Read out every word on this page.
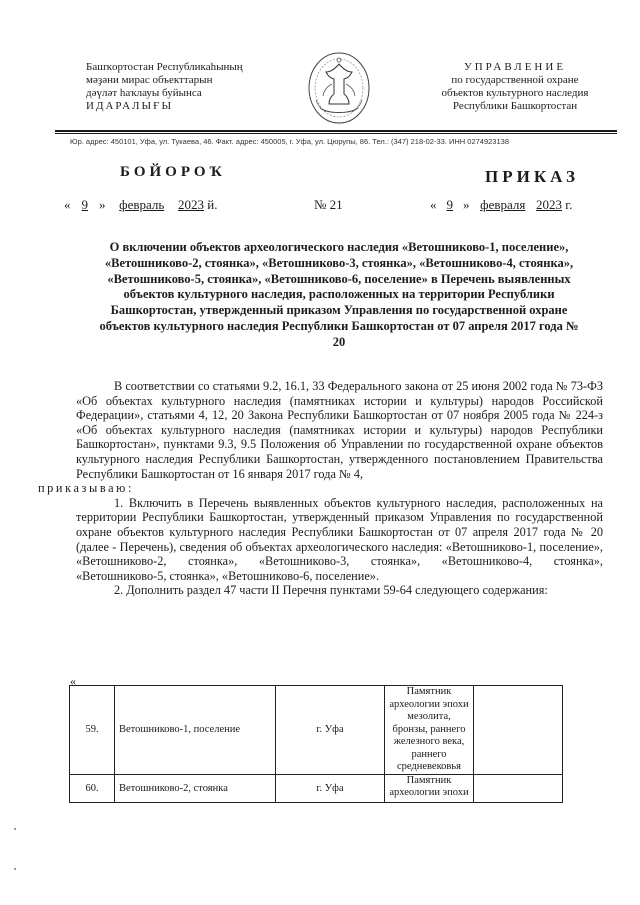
Башҡортостан Республикаһының
мәҙәни мирас объекттарын
дәүләт һаҡлауы буйынса
ИДАРАЛЫҒЫ
УПРАВЛЕНИЕ
по государственной охране
объектов культурного наследия
Республики Башкортостан
Юр. адрес: 450101, Уфа, ул. Тукаева, 46. Факт. адрес: 450005, г. Уфа, ул. Цюрупы, 86. Тел.: (347) 218-02-33. ИНН 0274923138
БОЙОРОҠ	ПРИКАЗ
« 9 » февраль 2023 й.	№ 21	« 9 » февраля 2023 г.
О включении объектов археологического наследия «Ветошниково-1, поселение», «Ветошниково-2, стоянка», «Ветошниково-3, стоянка», «Ветошниково-4, стоянка», «Ветошниково-5, стоянка», «Ветошниково-6, поселение» в Перечень выявленных объектов культурного наследия, расположенных на территории Республики Башкортостан, утвержденный приказом Управления по государственной охране объектов культурного наследия Республики Башкортостан от 07 апреля 2017 года № 20

В соответствии со статьями 9.2, 16.1, 33 Федерального закона от 25 июня 2002 года № 73-ФЗ «Об объектах культурного наследия (памятниках истории и культуры) народов Российской Федерации», статьями 4, 12, 20 Закона Республики Башкортостан от 07 ноября 2005 года № 224-з «Об объектах культурного наследия (памятниках истории и культуры) народов Республики Башкортостан», пунктами 9.3, 9.5 Положения об Управлении по государственной охране объектов культурного наследия Республики Башкортостан, утвержденного постановлением Правительства Республики Башкортостан от 16 января 2017 года № 4,
приказываю:

1. Включить в Перечень выявленных объектов культурного наследия, расположенных на территории Республики Башкортостан, утвержденный приказом Управления по государственной охране объектов культурного наследия Республики Башкортостан от 07 апреля 2017 года № 20 (далее - Перечень), сведения об объектах археологического наследия: «Ветошниково-1, поселение», «Ветошниково-2, стоянка», «Ветошниково-3, стоянка», «Ветошниково-4, стоянка», «Ветошниково-5, стоянка», «Ветошниково-6, поселение».

2. Дополнить раздел 47 части II Перечня пунктами 59-64 следующего содержания:

«
59.	Ветошниково-1, поселение	г. Уфа	Памятник археологии эпохи мезолита, бронзы, раннего железного века, раннего средневековья	
60.	Ветошниково-2, стоянка	г. Уфа	Памятник археологии эпохи	
